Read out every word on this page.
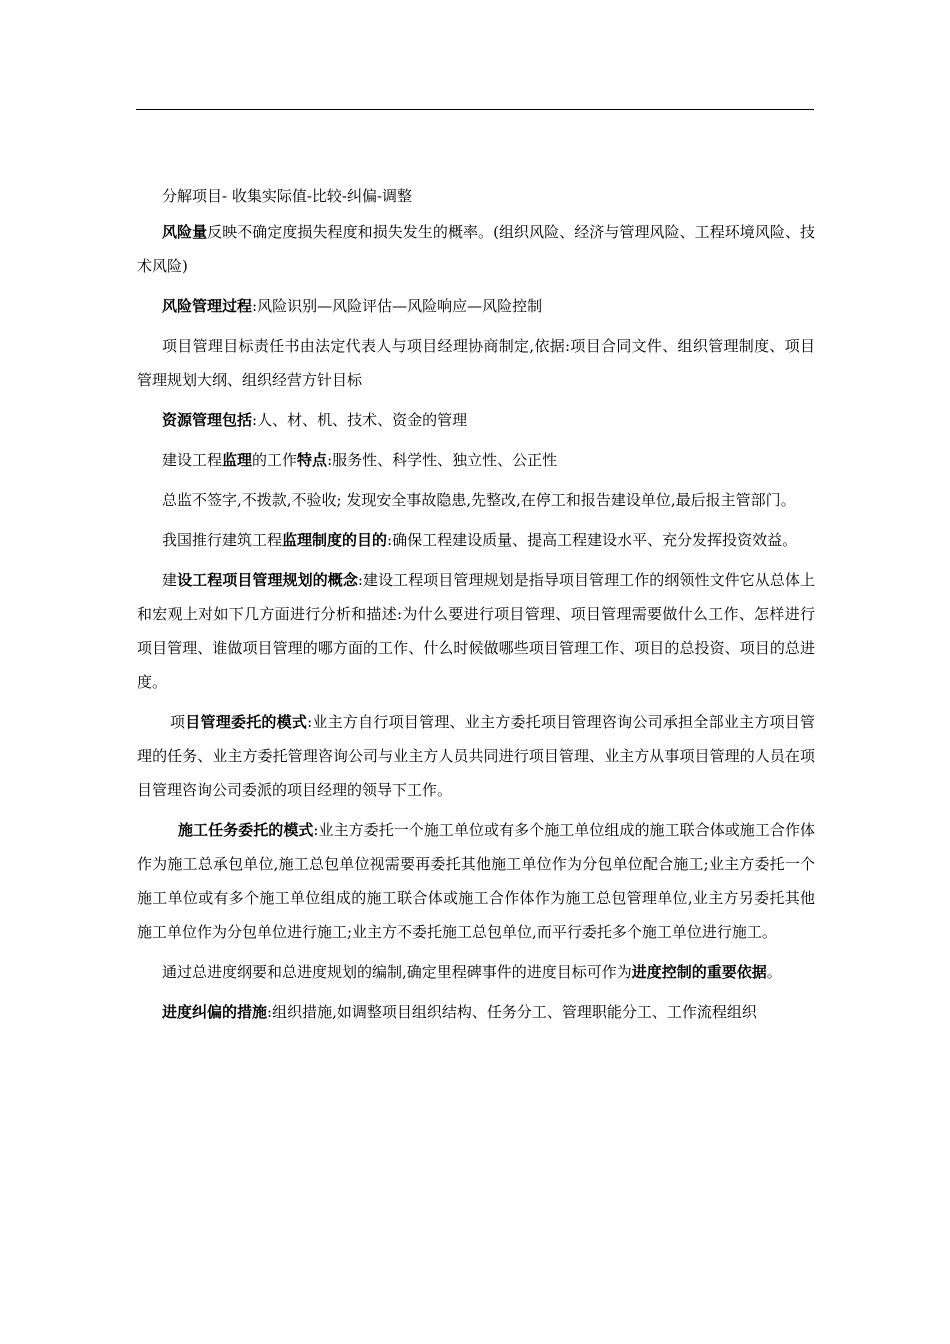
分解项目- 收集实际值-比较-纠偏-调整

风险量反映不确定度损失程度和损失发生的概率。(组织风险、经济与管理风险、工程环境风险、技术风险)

风险管理过程:风险识别—风险评估—风险响应—风险控制

项目管理目标责任书由法定代表人与项目经理协商制定,依据:项目合同文件、组织管理制度、项目管理规划大纲、组织经营方针目标

资源管理包括:人、材、机、技术、资金的管理

建设工程监理的工作特点:服务性、科学性、独立性、公正性

总监不签字,不拨款,不验收; 发现安全事故隐患,先整改,在停工和报告建设单位,最后报主管部门。

我国推行建筑工程监理制度的目的:确保工程建设质量、提高工程建设水平、充分发挥投资效益。

建设工程项目管理规划的概念:建设工程项目管理规划是指导项目管理工作的纲领性文件它从总体上和宏观上对如下几方面进行分析和描述:为什么要进行项目管理、项目管理需要做什么工作、怎样进行项目管理、谁做项目管理的哪方面的工作、什么时候做哪些项目管理工作、项目的总投资、项目的总进度。

项目管理委托的模式:业主方自行项目管理、业主方委托项目管理咨询公司承担全部业主方项目管理的任务、业主方委托管理咨询公司与业主方人员共同进行项目管理、业主方从事项目管理的人员在项目管理咨询公司委派的项目经理的领导下工作。

施工任务委托的模式:业主方委托一个施工单位或有多个施工单位组成的施工联合体或施工合作体作为施工总承包单位,施工总包单位视需要再委托其他施工单位作为分包单位配合施工;业主方委托一个施工单位或有多个施工单位组成的施工联合体或施工合作体作为施工总包管理单位,业主方另委托其他施工单位作为分包单位进行施工;业主方不委托施工总包单位,而平行委托多个施工单位进行施工。

通过总进度纲要和总进度规划的编制,确定里程碑事件的进度目标可作为进度控制的重要依据。

进度纠偏的措施:组织措施,如调整项目组织结构、任务分工、管理职能分工、工作流程组织
